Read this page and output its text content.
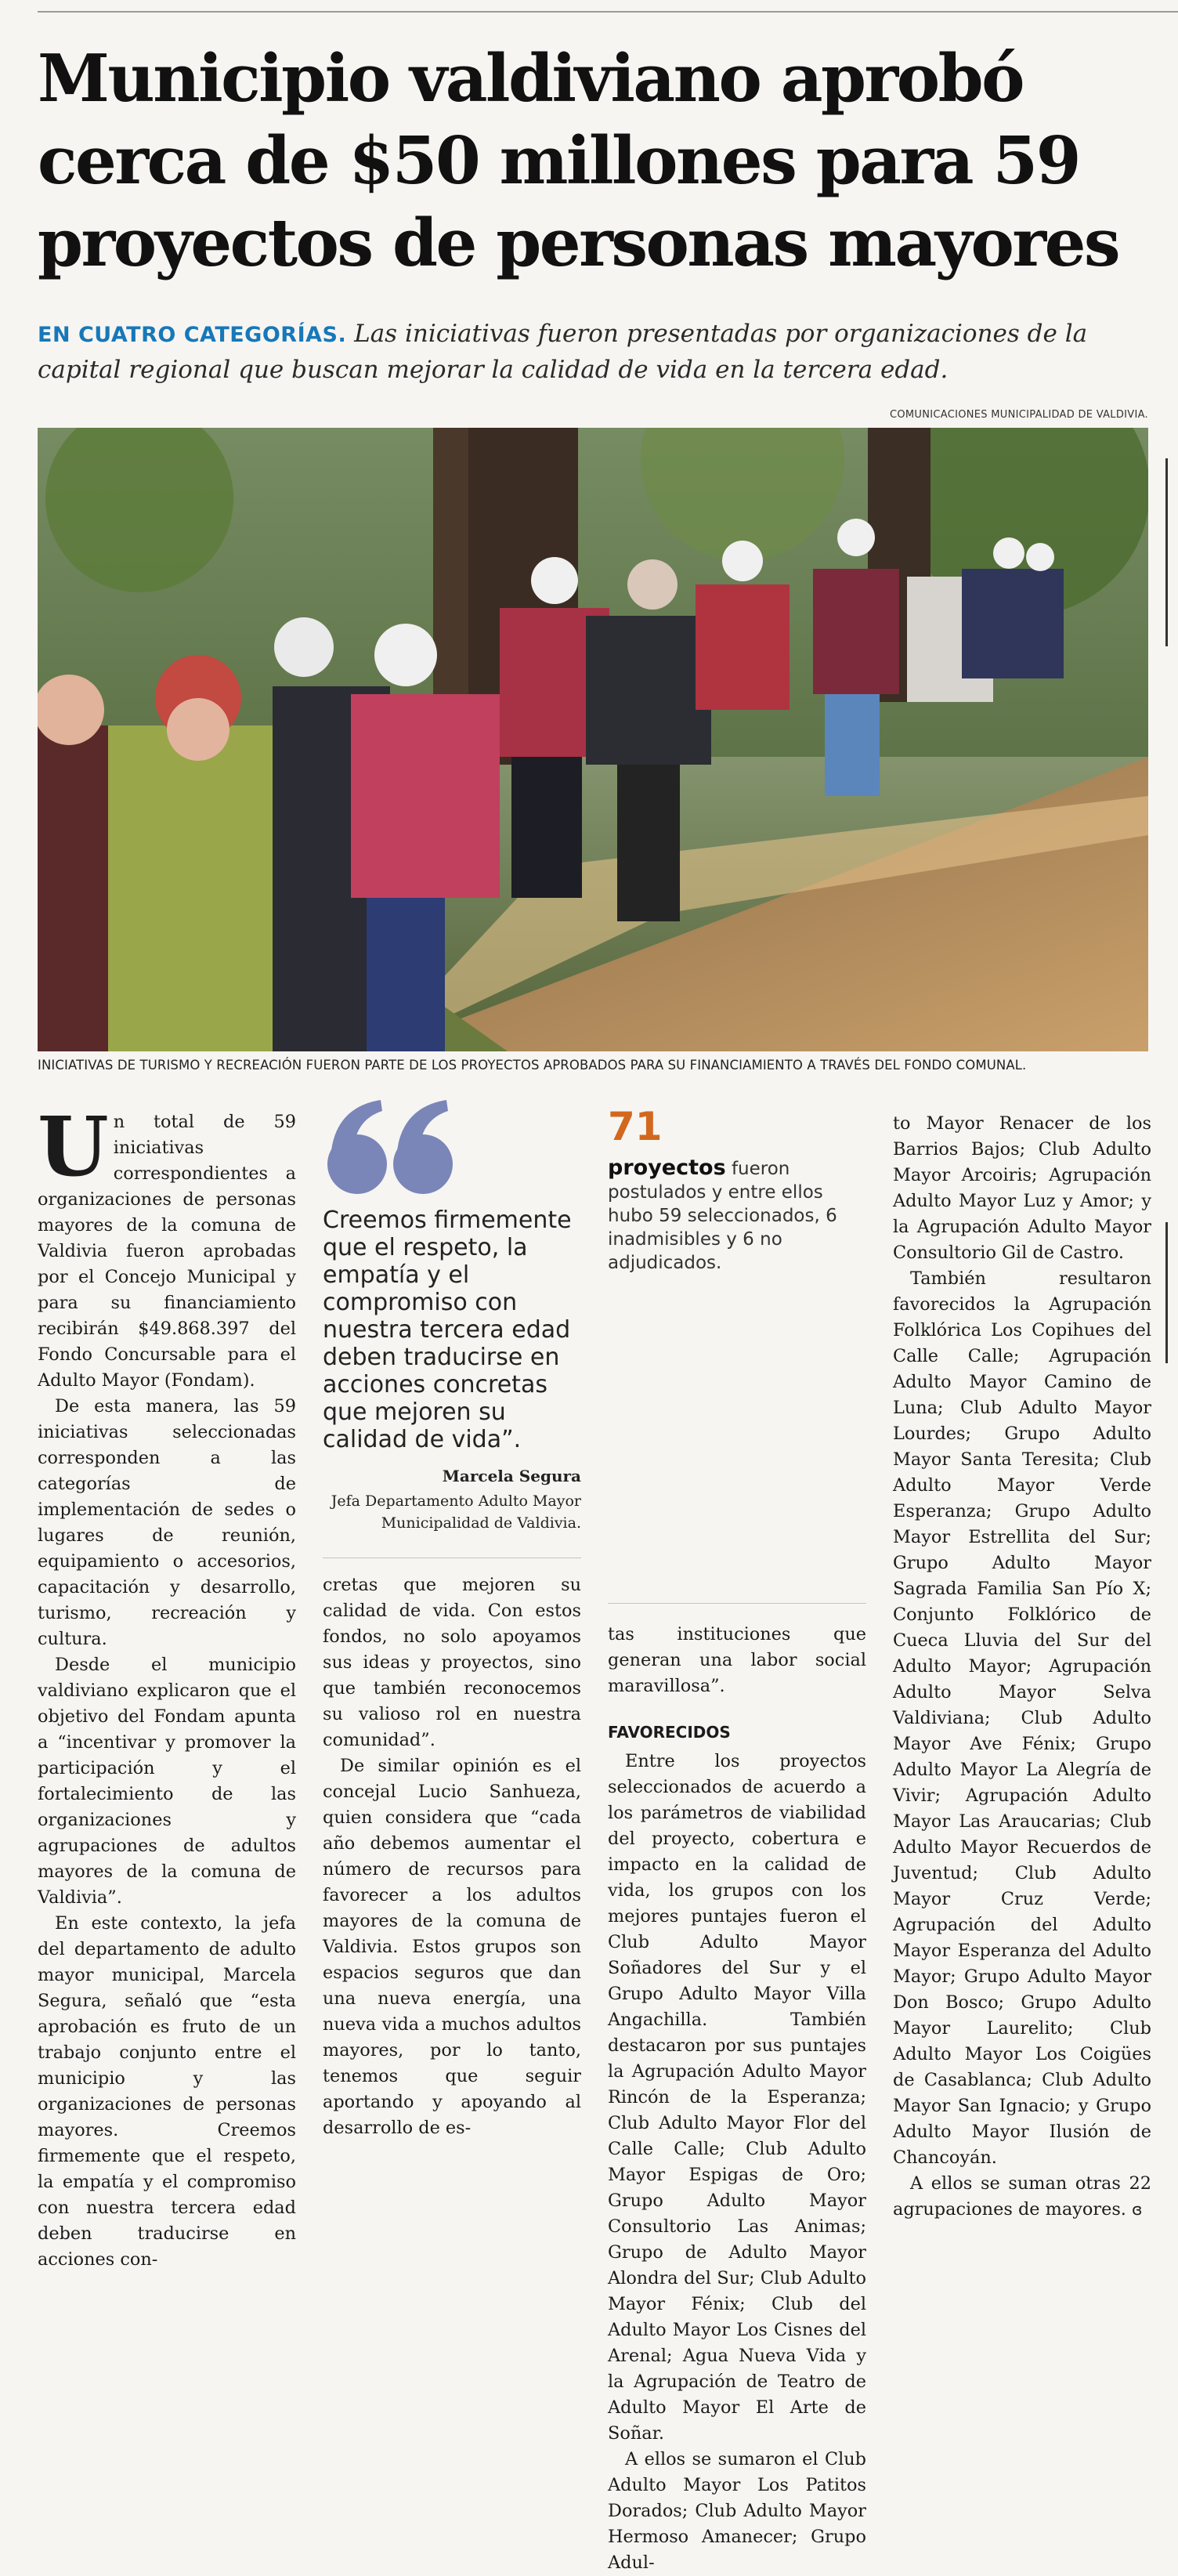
Municipio valdiviano aprobó
cerca de $50 millones para 59
proyectos de personas mayores
EN CUATRO CATEGORÍAS. Las iniciativas fueron presentadas por organizaciones de la capital regional que buscan mejorar la calidad de vida en la tercera edad.
COMUNICACIONES MUNICIPALIDAD DE VALDIVIA.
INICIATIVAS DE TURISMO Y RECREACIÓN FUERON PARTE DE LOS PROYECTOS APROBADOS PARA SU FINANCIAMIENTO A TRAVÉS DEL FONDO COMUNAL.
U n total de 59 iniciativas correspondientes a organizaciones de personas mayores de la comuna de Valdivia fueron aprobadas por el Concejo Municipal y para su financiamiento recibirán $49.868.397 del Fondo Concursable para el Adulto Mayor (Fondam).

De esta manera, las 59 iniciativas seleccionadas corresponden a las categorías de implementación de sedes o lugares de reunión, equipamiento o accesorios, capacitación y desarrollo, turismo, recreación y cultura.

Desde el municipio valdiviano explicaron que el objetivo del Fondam apunta a “incentivar y promover la participación y el fortalecimiento de las organizaciones y agrupaciones de adultos mayores de la comuna de Valdivia”.

En este contexto, la jefa del departamento de adulto mayor municipal, Marcela Segura, señaló que “esta aprobación es fruto de un trabajo conjunto entre el municipio y las organizaciones de personas mayores. Creemos firmemente que el respeto, la empatía y el compromiso con nuestra tercera edad deben traducirse en acciones con-

Creemos firmemente que el respeto, la empatía y el compromiso con nuestra tercera edad deben traducirse en acciones concretas que mejoren su calidad de vida”.
Marcela Segura
Jefa Departamento Adulto Mayor Municipalidad de Valdivia.

cretas que mejoren su calidad de vida. Con estos fondos, no solo apoyamos sus ideas y proyectos, sino que también reconocemos su valioso rol en nuestra comunidad”.

De similar opinión es el concejal Lucio Sanhueza, quien considera que “cada año debemos aumentar el número de recursos para favorecer a los adultos mayores de la comuna de Valdivia. Estos grupos son espacios seguros que dan una nueva energía, una nueva vida a muchos adultos mayores, por lo tanto, tenemos que seguir aportando y apoyando al desarrollo de es-

71
proyectos fueron postulados y entre ellos hubo 59 seleccionados, 6 inadmisibles y 6 no adjudicados.

tas instituciones que generan una labor social maravillosa”.

FAVORECIDOS

Entre los proyectos seleccionados de acuerdo a los parámetros de viabilidad del proyecto, cobertura e impacto en la calidad de vida, los grupos con los mejores puntajes fueron el Club Adulto Mayor Soñadores del Sur y el Grupo Adulto Mayor Villa Angachilla. También destacaron por sus puntajes la Agrupación Adulto Mayor Rincón de la Esperanza; Club Adulto Mayor Flor del Calle Calle; Club Adulto Mayor Espigas de Oro; Grupo Adulto Mayor Consultorio Las Animas; Grupo de Adulto Mayor Alondra del Sur; Club Adulto Mayor Fénix; Club del Adulto Mayor Los Cisnes del Arenal; Agua Nueva Vida y la Agrupación de Teatro de Adulto Mayor El Arte de Soñar.

A ellos se sumaron el Club Adulto Mayor Los Patitos Dorados; Club Adulto Mayor Hermoso Amanecer; Grupo Adul-

to Mayor Renacer de los Barrios Bajos; Club Adulto Mayor Arcoiris; Agrupación Adulto Mayor Luz y Amor; y la Agrupación Adulto Mayor Consultorio Gil de Castro.

También resultaron favorecidos la Agrupación Folklórica Los Copihues del Calle Calle; Agrupación Adulto Mayor Camino de Luna; Club Adulto Mayor Lourdes; Grupo Adulto Mayor Santa Teresita; Club Adulto Mayor Verde Esperanza; Grupo Adulto Mayor Estrellita del Sur; Grupo Adulto Mayor Sagrada Familia San Pío X; Conjunto Folklórico de Cueca Lluvia del Sur del Adulto Mayor; Agrupación Adulto Mayor Selva Valdiviana; Club Adulto Mayor Ave Fénix; Grupo Adulto Mayor La Alegría de Vivir; Agrupación Adulto Mayor Las Araucarias; Club Adulto Mayor Recuerdos de Juventud; Club Adulto Mayor Cruz Verde; Agrupación del Adulto Mayor Esperanza del Adulto Mayor; Grupo Adulto Mayor Don Bosco; Grupo Adulto Mayor Laurelito; Club Adulto Mayor Los Coigües de Casablanca; Club Adulto Mayor San Ignacio; y Grupo Adulto Mayor Ilusión de Chancoyán.

A ellos se suman otras 22 agrupaciones de mayores. ɞ
